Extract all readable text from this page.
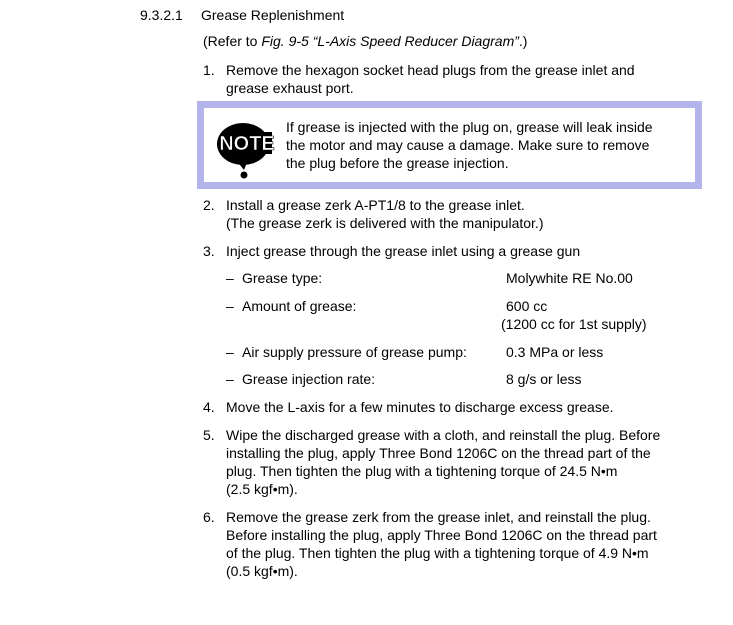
9.3.2.1 Grease Replenishment
(Refer to Fig. 9-5 “L-Axis Speed Reducer Diagram”.)
1. Remove the hexagon socket head plugs from the grease inlet and
grease exhaust port.
NOTE
If grease is injected with the plug on, grease will leak inside
the motor and may cause a damage. Make sure to remove
the plug before the grease injection.
2. Install a grease zerk A-PT1/8 to the grease inlet.
(The grease zerk is delivered with the manipulator.)
3. Inject grease through the grease inlet using a grease gun
– Grease type:	Molywhite RE No.00
– Amount of grease:	600 cc
(1200 cc for 1st supply)
– Air supply pressure of grease pump:	0.3 MPa or less
– Grease injection rate:	8 g/s or less
4. Move the L-axis for a few minutes to discharge excess grease.
5. Wipe the discharged grease with a cloth, and reinstall the plug. Before
installing the plug, apply Three Bond 1206C on the thread part of the
plug. Then tighten the plug with a tightening torque of 24.5 N•m
(2.5 kgf•m).
6. Remove the grease zerk from the grease inlet, and reinstall the plug.
Before installing the plug, apply Three Bond 1206C on the thread part
of the plug. Then tighten the plug with a tightening torque of 4.9 N•m
(0.5 kgf•m).
